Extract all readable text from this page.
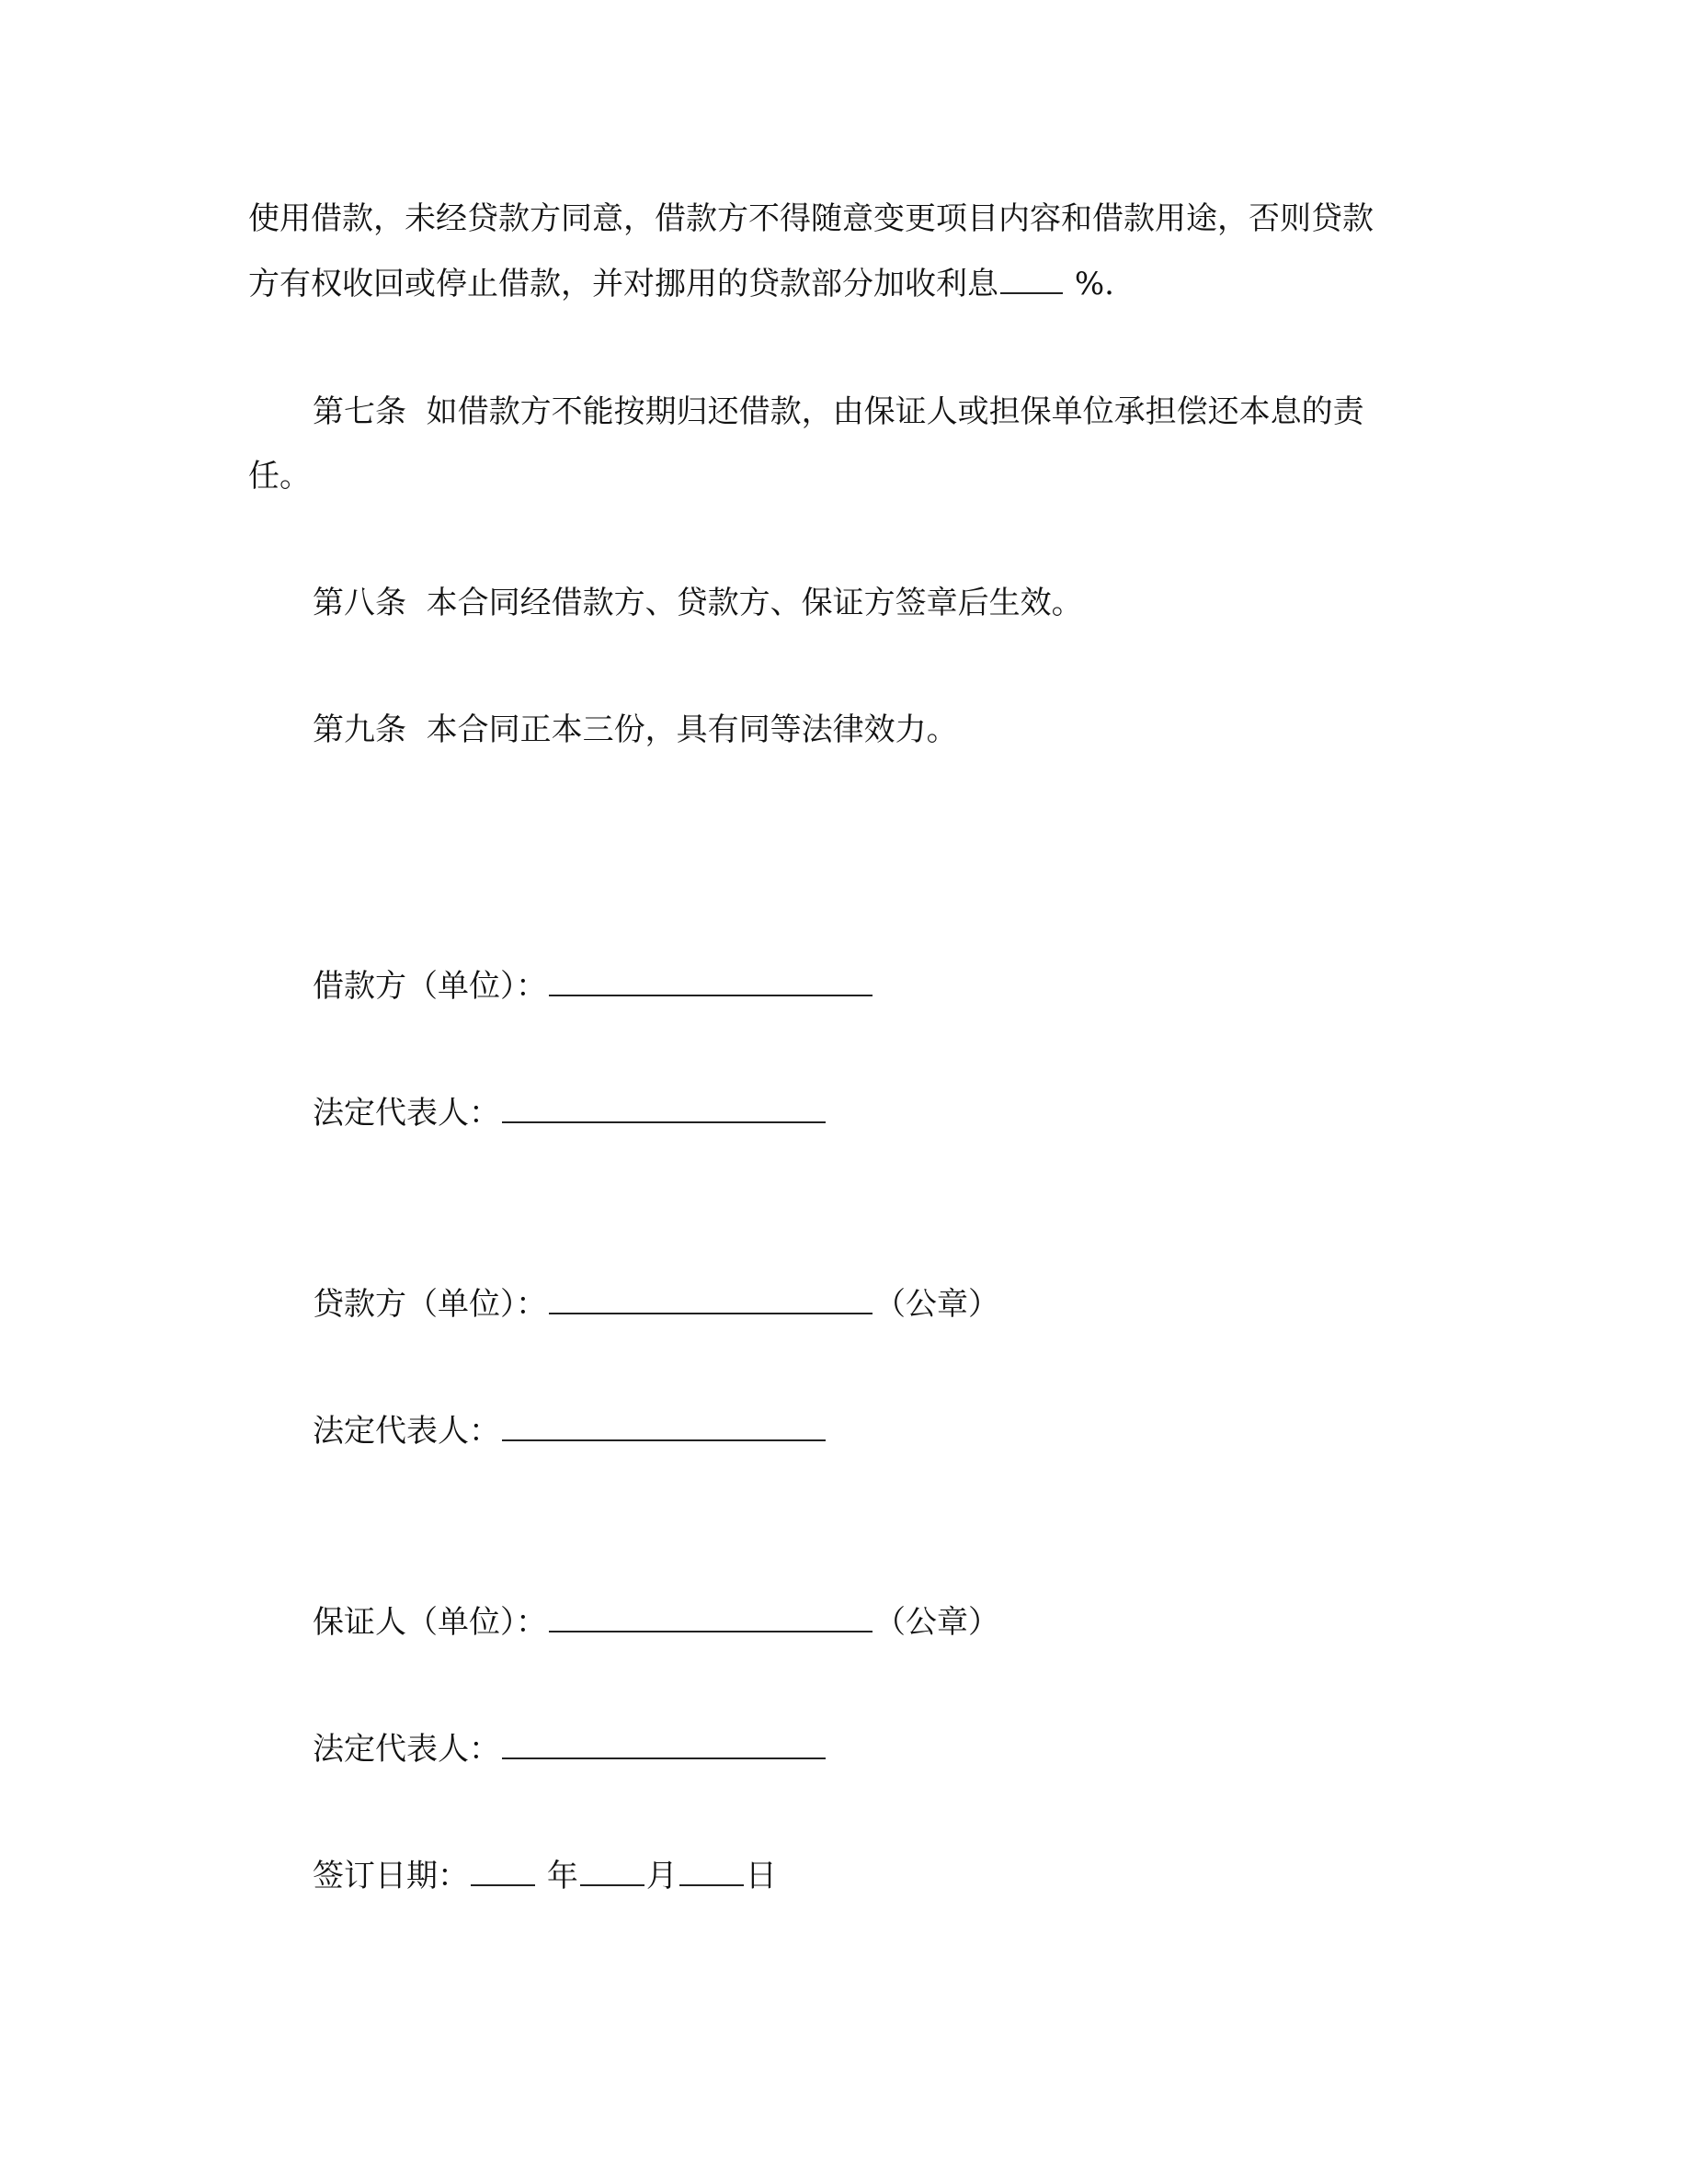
使用借款，未经贷款方同意，借款方不得随意变更项目内容和借款用途，否则贷款

方有权收回或停止借款，并对挪用的贷款部分加收利息 %.

第七条  如借款方不能按期归还借款，由保证人或担保单位承担偿还本息的责

任。

第八条  本合同经借款方、贷款方、保证方签章后生效。

第九条  本合同正本三份，具有同等法律效力。

借款方（单位）：

法定代表人：

贷款方（单位）：	（公章）

法定代表人：

保证人（单位）：	（公章）

法定代表人：

签订日期： 年 月 日
